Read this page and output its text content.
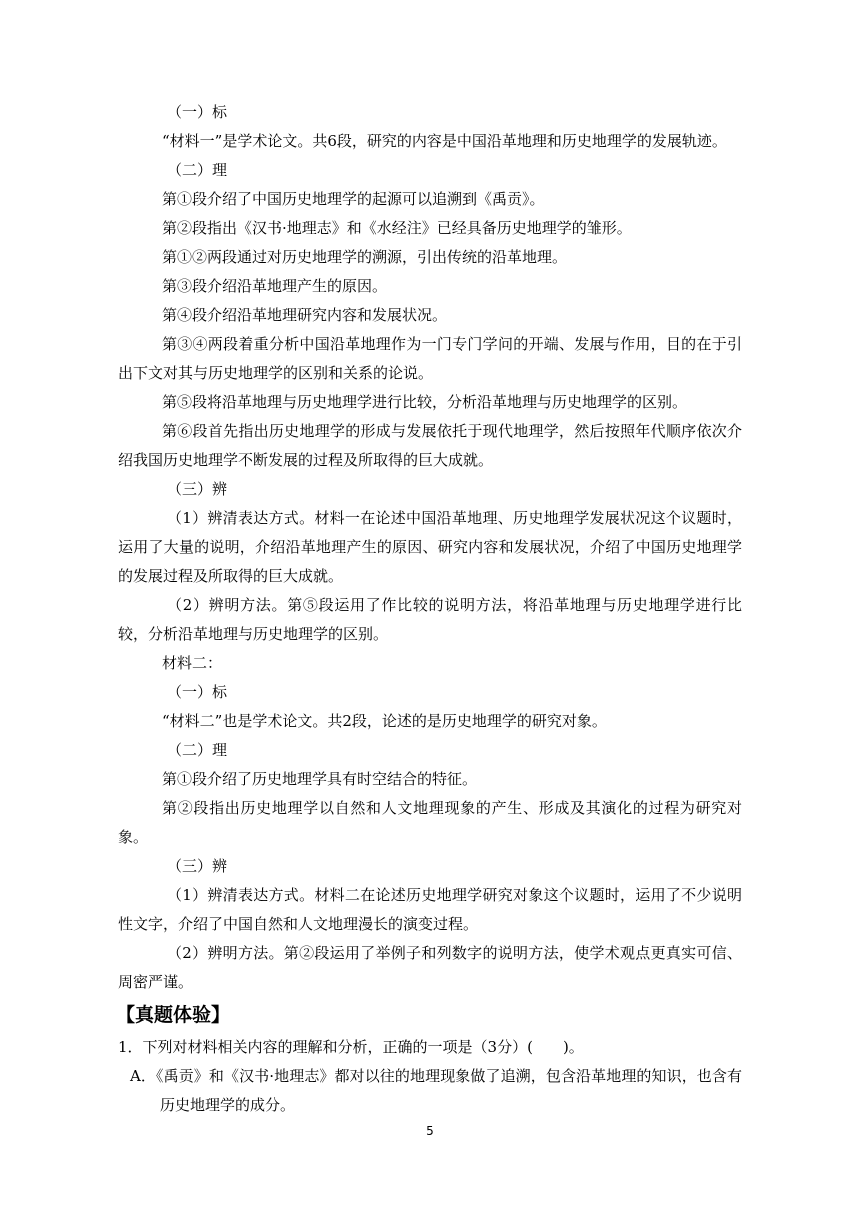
（一）标

“材料一”是学术论文。共6段，研究的内容是中国沿革地理和历史地理学的发展轨迹。

（二）理

第①段介绍了中国历史地理学的起源可以追溯到《禹贡》。

第②段指出《汉书·地理志》和《水经注》已经具备历史地理学的雏形。

第①②两段通过对历史地理学的溯源，引出传统的沿革地理。

第③段介绍沿革地理产生的原因。

第④段介绍沿革地理研究内容和发展状况。

第③④两段着重分析中国沿革地理作为一门专门学问的开端、发展与作用，目的在于引出下文对其与历史地理学的区别和关系的论说。

第⑤段将沿革地理与历史地理学进行比较，分析沿革地理与历史地理学的区别。

第⑥段首先指出历史地理学的形成与发展依托于现代地理学，然后按照年代顺序依次介绍我国历史地理学不断发展的过程及所取得的巨大成就。

（三）辨

（1）辨清表达方式。材料一在论述中国沿革地理、历史地理学发展状况这个议题时，运用了大量的说明，介绍沿革地理产生的原因、研究内容和发展状况，介绍了中国历史地理学的发展过程及所取得的巨大成就。

（2）辨明方法。第⑤段运用了作比较的说明方法，将沿革地理与历史地理学进行比较，分析沿革地理与历史地理学的区别。

材料二：

（一）标

“材料二”也是学术论文。共2段，论述的是历史地理学的研究对象。

（二）理

第①段介绍了历史地理学具有时空结合的特征。

第②段指出历史地理学以自然和人文地理现象的产生、形成及其演化的过程为研究对象。

（三）辨

（1）辨清表达方式。材料二在论述历史地理学研究对象这个议题时，运用了不少说明性文字，介绍了中国自然和人文地理漫长的演变过程。

（2）辨明方法。第②段运用了举例子和列数字的说明方法，使学术观点更真实可信、周密严谨。

【真题体验】

1．下列对材料相关内容的理解和分析，正确的一项是（3分）(　　)。

A．《禹贡》和《汉书·地理志》都对以往的地理现象做了追溯，包含沿革地理的知识，也含有历史地理学的成分。

5
